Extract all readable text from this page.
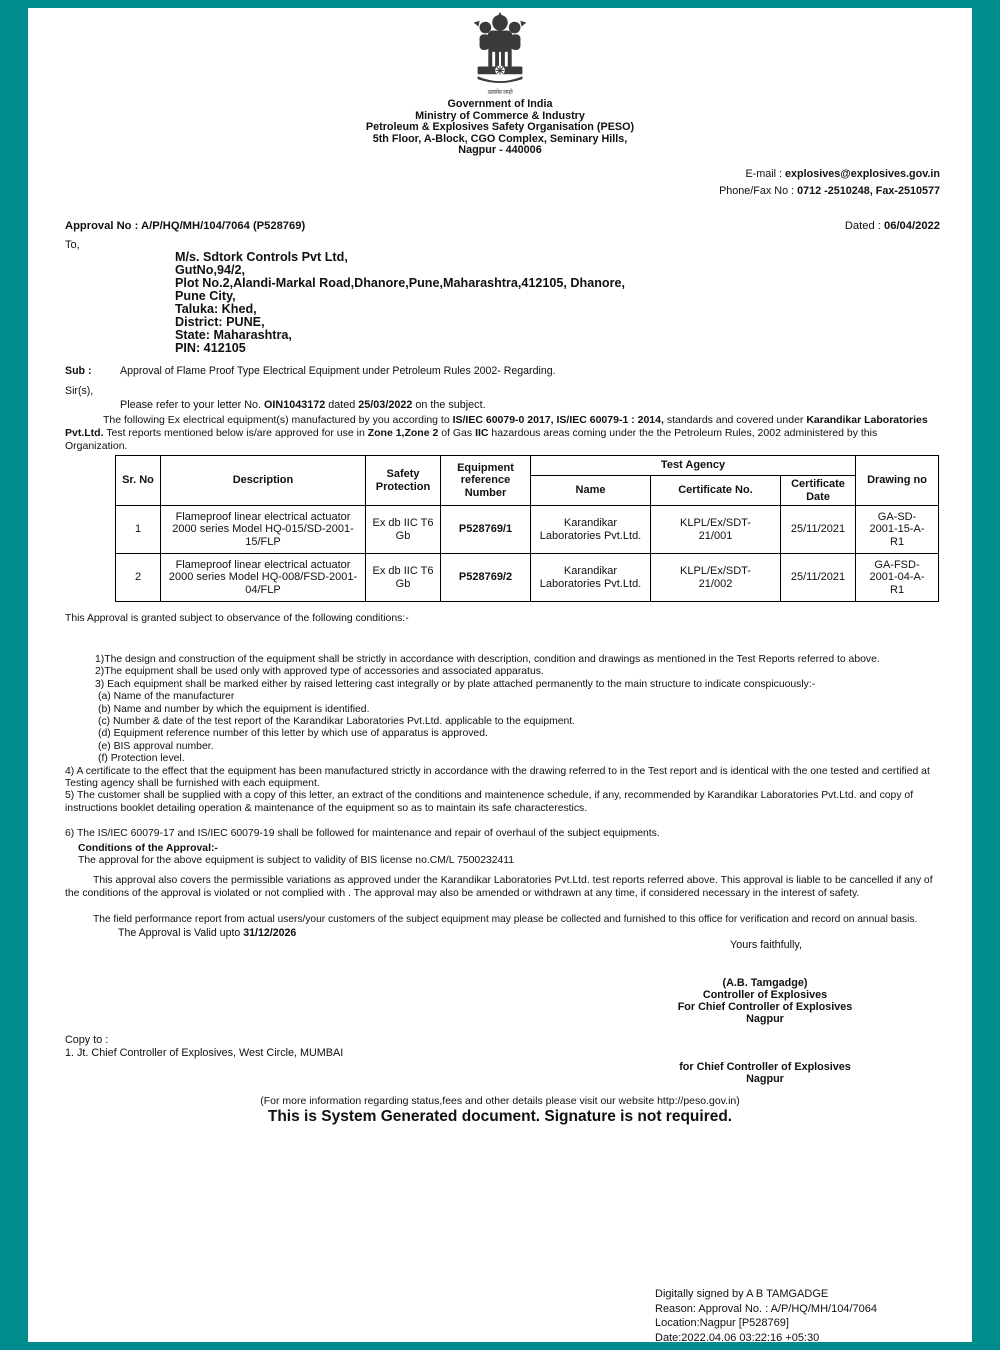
सत्यमेव जयते
Government of India
Ministry of Commerce & Industry
Petroleum & Explosives Safety Organisation (PESO)
5th Floor, A-Block, CGO Complex, Seminary Hills,
Nagpur - 440006
E-mail : explosives@explosives.gov.in
Phone/Fax No : 0712 -2510248, Fax-2510577
Approval No : A/P/HQ/MH/104/7064 (P528769)	Dated : 06/04/2022
To,
M/s. Sdtork Controls Pvt Ltd,
GutNo,94/2,
Plot No.2,Alandi-Markal Road,Dhanore,Pune,Maharashtra,412105, Dhanore,
Pune City,
Taluka: Khed,
District: PUNE,
State: Maharashtra,
PIN: 412105
Sub :	Approval of Flame Proof Type Electrical Equipment under Petroleum Rules 2002- Regarding.
Sir(s),
Please refer to your letter No. OIN1043172 dated 25/03/2022 on the subject.
The following Ex electrical equipment(s) manufactured by you according to IS/IEC 60079-0 2017, IS/IEC 60079-1 : 2014, standards and covered under Karandikar Laboratories Pvt.Ltd. Test reports mentioned below is/are approved for use in Zone 1,Zone 2 of Gas IIC hazardous areas coming under the the Petroleum Rules, 2002 administered by this Organization.
Sr. No	Description	Safety Protection	Equipment reference Number	Test Agency			Drawing no
				Name	Certificate No.	Certificate Date	
1	Flameproof linear electrical actuator 2000 series Model HQ-015/SD-2001-15/FLP	Ex db IIC T6 Gb	P528769/1	Karandikar Laboratories Pvt.Ltd.	KLPL/Ex/SDT-21/001	25/11/2021	GA-SD-2001-15-A-R1
2	Flameproof linear electrical actuator 2000 series Model HQ-008/FSD-2001-04/FLP	Ex db IIC T6 Gb	P528769/2	Karandikar Laboratories Pvt.Ltd.	KLPL/Ex/SDT-21/002	25/11/2021	GA-FSD-2001-04-A-R1
This Approval is granted subject to observance of the following conditions:-
1)The design and construction of the equipment shall be strictly in accordance with description, condition and drawings as mentioned in the Test Reports referred to above.
2)The equipment shall be used only with approved type of accessories and associated apparatus.
3) Each equipment shall be marked either by raised lettering cast integrally or by plate attached permanently to the main structure to indicate conspicuously:-
(a) Name of the manufacturer
(b) Name and number by which the equipment is identified.
(c) Number & date of the test report of the Karandikar Laboratories Pvt.Ltd. applicable to the equipment.
(d) Equipment reference number of this letter by which use of apparatus is approved.
(e) BIS approval number.
(f) Protection level.
4) A certificate to the effect that the equipment has been manufactured strictly in accordance with the drawing referred to in the Test report and is identical with the one tested and certified at Testing agency shall be furnished with each equipment.
5) The customer shall be supplied with a copy of this letter, an extract of the conditions and maintenence schedule, if any, recommended by Karandikar Laboratories Pvt.Ltd. and copy of instructions booklet detailing operation & maintenance of the equipment so as to maintain its safe characterestics.
6) The IS/IEC 60079-17 and IS/IEC 60079-19 shall be followed for maintenance and repair of overhaul of the subject equipments.
Conditions of the Approval:-
The approval for the above equipment is subject to validity of BIS license no.CM/L 7500232411
This approval also covers the permissible variations as approved under the Karandikar Laboratories Pvt.Ltd. test reports referred above. This approval is liable to be cancelled if any of the conditions of the approval is violated or not complied with . The approval may also be amended or withdrawn at any time, if considered necessary in the interest of safety.
The field performance report from actual users/your customers of the subject equipment may please be collected and furnished to this office for verification and record on annual basis.
The Approval is Valid upto 31/12/2026
Yours faithfully,
(A.B. Tamgadge)
Controller of Explosives
For Chief Controller of Explosives
Nagpur
Copy to :
1. Jt. Chief Controller of Explosives, West Circle, MUMBAI
for Chief Controller of Explosives
Nagpur
(For more information regarding status,fees and other details please visit our website http://peso.gov.in)
This is System Generated document. Signature is not required.
Digitally signed by A B TAMGADGE
Reason: Approval No. : A/P/HQ/MH/104/7064
Location:Nagpur [P528769]
Date:2022.04.06 03:22:16 +05:30
